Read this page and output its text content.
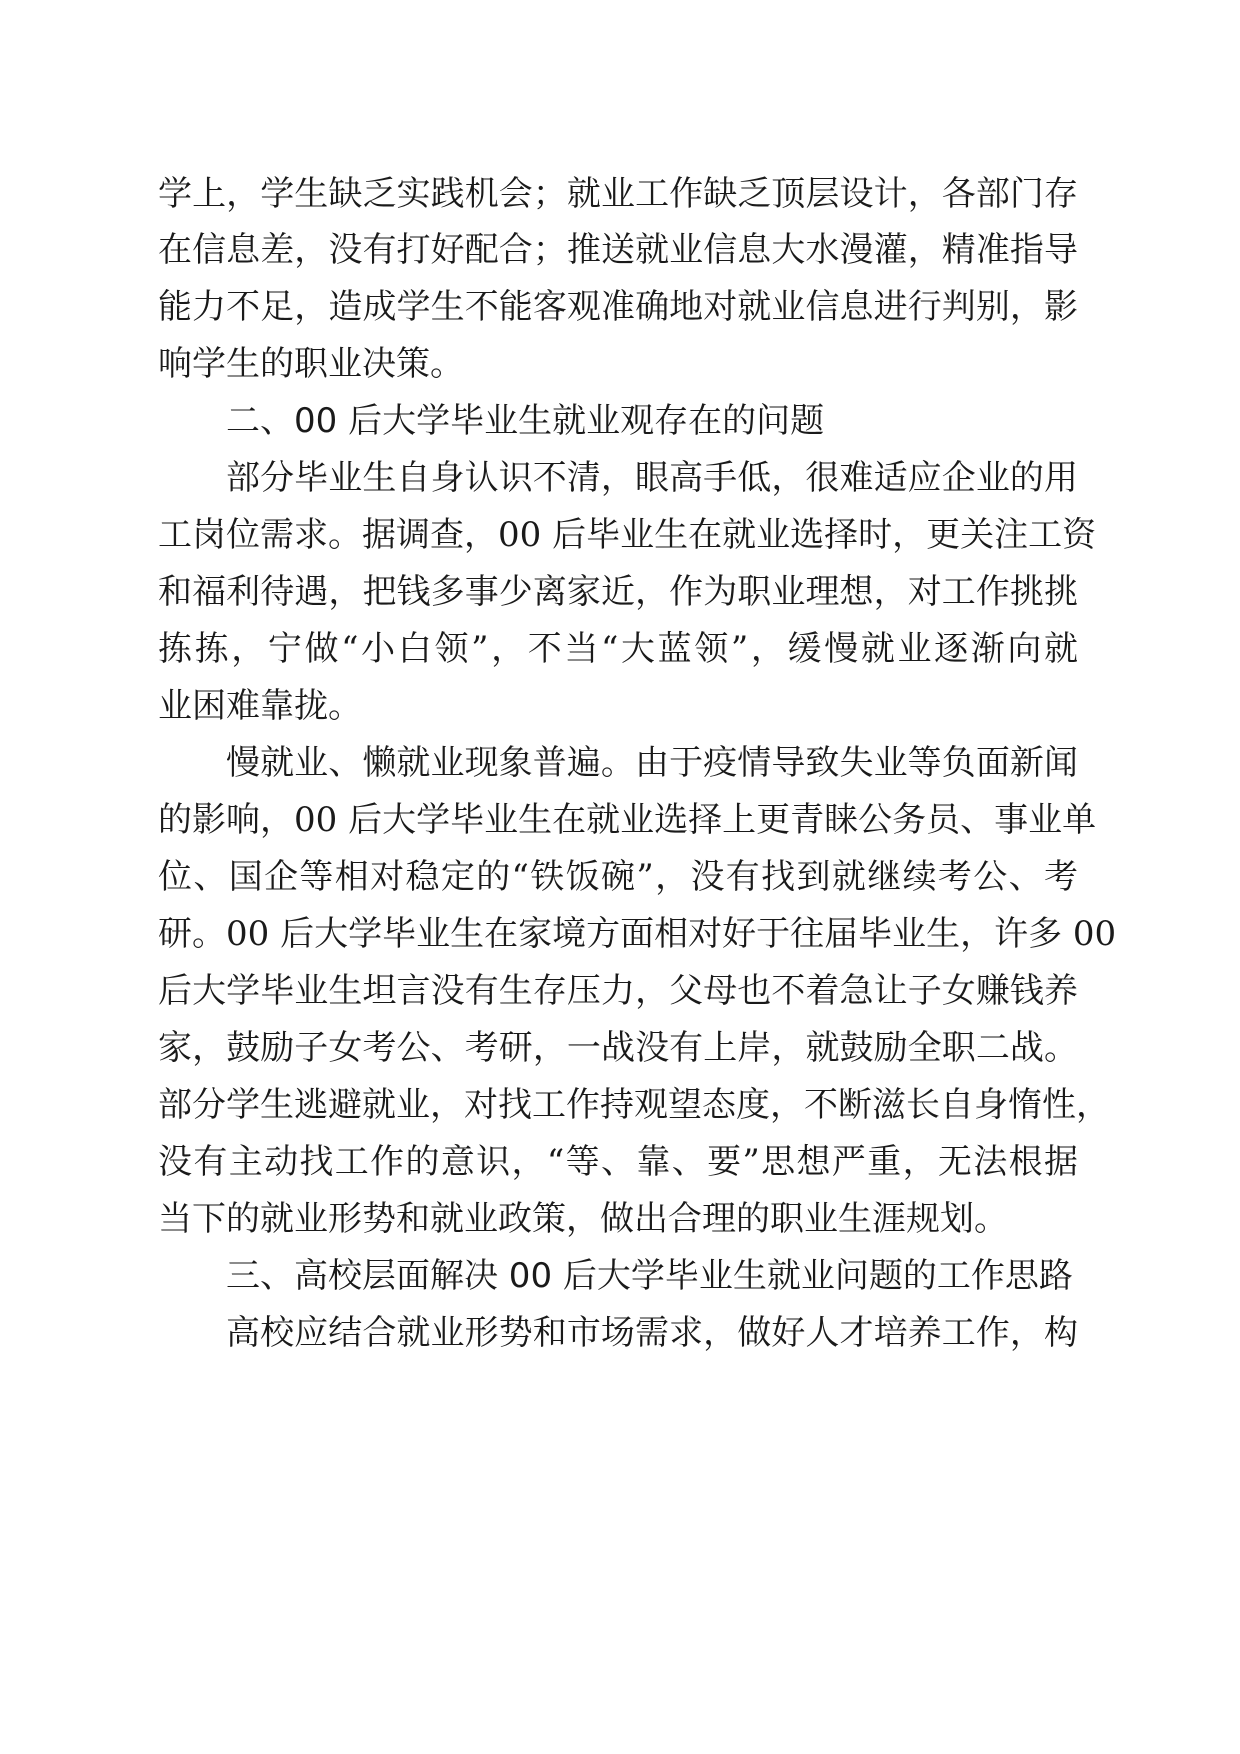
学上，学生缺乏实践机会；就业工作缺乏顶层设计，各部门存
在信息差，没有打好配合；推送就业信息大水漫灌，精准指导
能力不足，造成学生不能客观准确地对就业信息进行判别，影
响学生的职业决策。
二、00 后大学毕业生就业观存在的问题
部分毕业生自身认识不清，眼高手低，很难适应企业的用
工岗位需求。据调查，00 后毕业生在就业选择时，更关注工资
和福利待遇，把钱多事少离家近，作为职业理想，对工作挑挑
拣拣，宁做“小白领”，不当“大蓝领”，缓慢就业逐渐向就
业困难靠拢。
慢就业、懒就业现象普遍。由于疫情导致失业等负面新闻
的影响，00 后大学毕业生在就业选择上更青睐公务员、事业单
位、国企等相对稳定的“铁饭碗”，没有找到就继续考公、考
研。00 后大学毕业生在家境方面相对好于往届毕业生，许多 00
后大学毕业生坦言没有生存压力，父母也不着急让子女赚钱养
家，鼓励子女考公、考研，一战没有上岸，就鼓励全职二战。
部分学生逃避就业，对找工作持观望态度，不断滋长自身惰性，
没有主动找工作的意识，“等、靠、要”思想严重，无法根据
当下的就业形势和就业政策，做出合理的职业生涯规划。
三、高校层面解决 00 后大学毕业生就业问题的工作思路
高校应结合就业形势和市场需求，做好人才培养工作，构
